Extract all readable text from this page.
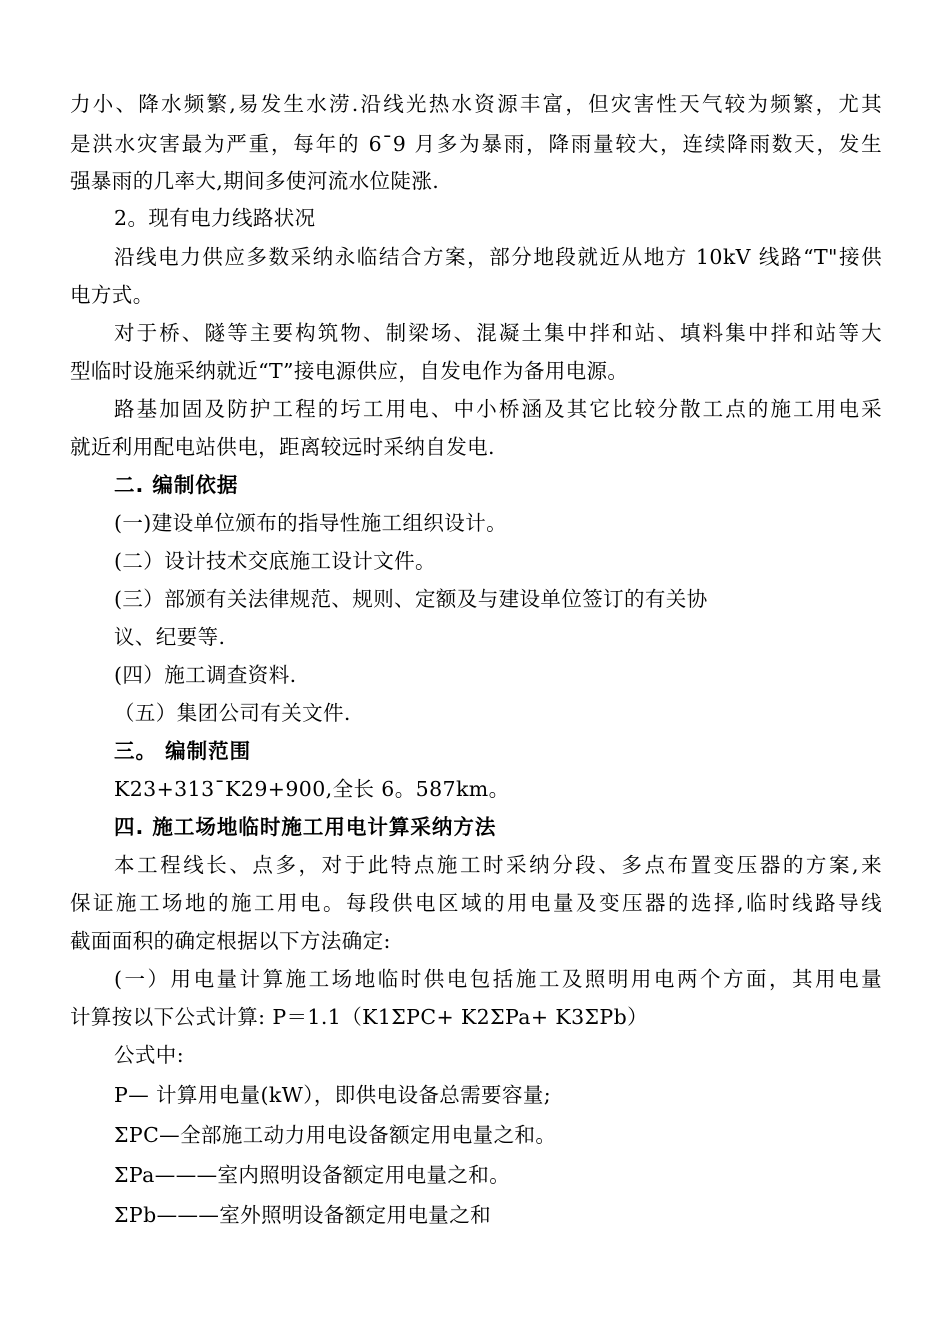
力小、降水频繁,易发生水涝.沿线光热水资源丰富，但灾害性天气较为频繁，尤其
是洪水灾害最为严重，每年的 6¯9 月多为暴雨，降雨量较大，连续降雨数天，发生
强暴雨的几率大,期间多使河流水位陡涨.
2。现有电力线路状况
沿线电力供应多数采纳永临结合方案，部分地段就近从地方 10kV 线路“T"接供
电方式。
对于桥、隧等主要构筑物、制梁场、混凝土集中拌和站、填料集中拌和站等大
型临时设施采纳就近“T”接电源供应，自发电作为备用电源。
路基加固及防护工程的圬工用电、中小桥涵及其它比较分散工点的施工用电采
就近利用配电站供电，距离较远时采纳自发电.
二. 编制依据
(一)建设单位颁布的指导性施工组织设计。
(二）设计技术交底施工设计文件。
(三）部颁有关法律规范、规则、定额及与建设单位签订的有关协
议、纪要等.
(四）施工调查资料.
（五）集团公司有关文件.
三。 编制范围
K23+313¯K29+900,全长 6。587km。
四. 施工场地临时施工用电计算采纳方法
本工程线长、点多，对于此特点施工时采纳分段、多点布置变压器的方案,来
保证施工场地的施工用电。每段供电区域的用电量及变压器的选择,临时线路导线
截面面积的确定根据以下方法确定:
(一）用电量计算施工场地临时供电包括施工及照明用电两个方面，其用电量
计算按以下公式计算: P＝1.1（K1ΣPC+ K2ΣPa+ K3ΣPb）
公式中:
P— 计算用电量(kW），即供电设备总需要容量;
ΣPC—全部施工动力用电设备额定用电量之和。
ΣPa———室内照明设备额定用电量之和。
ΣPb———室外照明设备额定用电量之和
